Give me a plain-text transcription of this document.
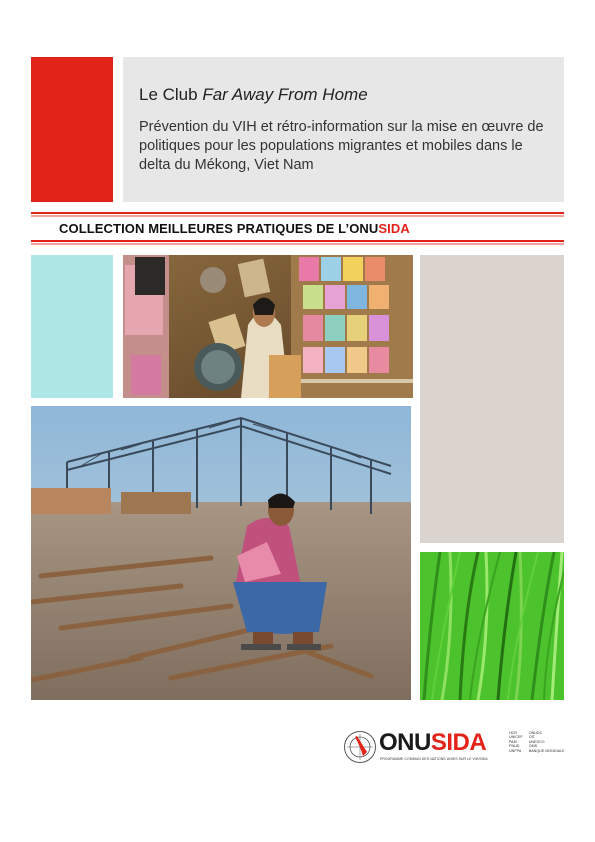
Le Club Far Away From Home
Prévention du VIH et rétro-information sur la mise en œuvre de politiques pour les populations migrantes et mobiles dans le delta du Mékong, Viet Nam
COLLECTION MEILLEURES PRATIQUES DE L’ONUSIDA
ONUSIDA
PROGRAMME COMMUN DES NATIONS UNIES SUR LE VIH/SIDA
HCR
UNICEF
PAM
PNUD
UNFPA
ONUDC
OIT
UNESCO
OMS
BANQUE MONDIALE
